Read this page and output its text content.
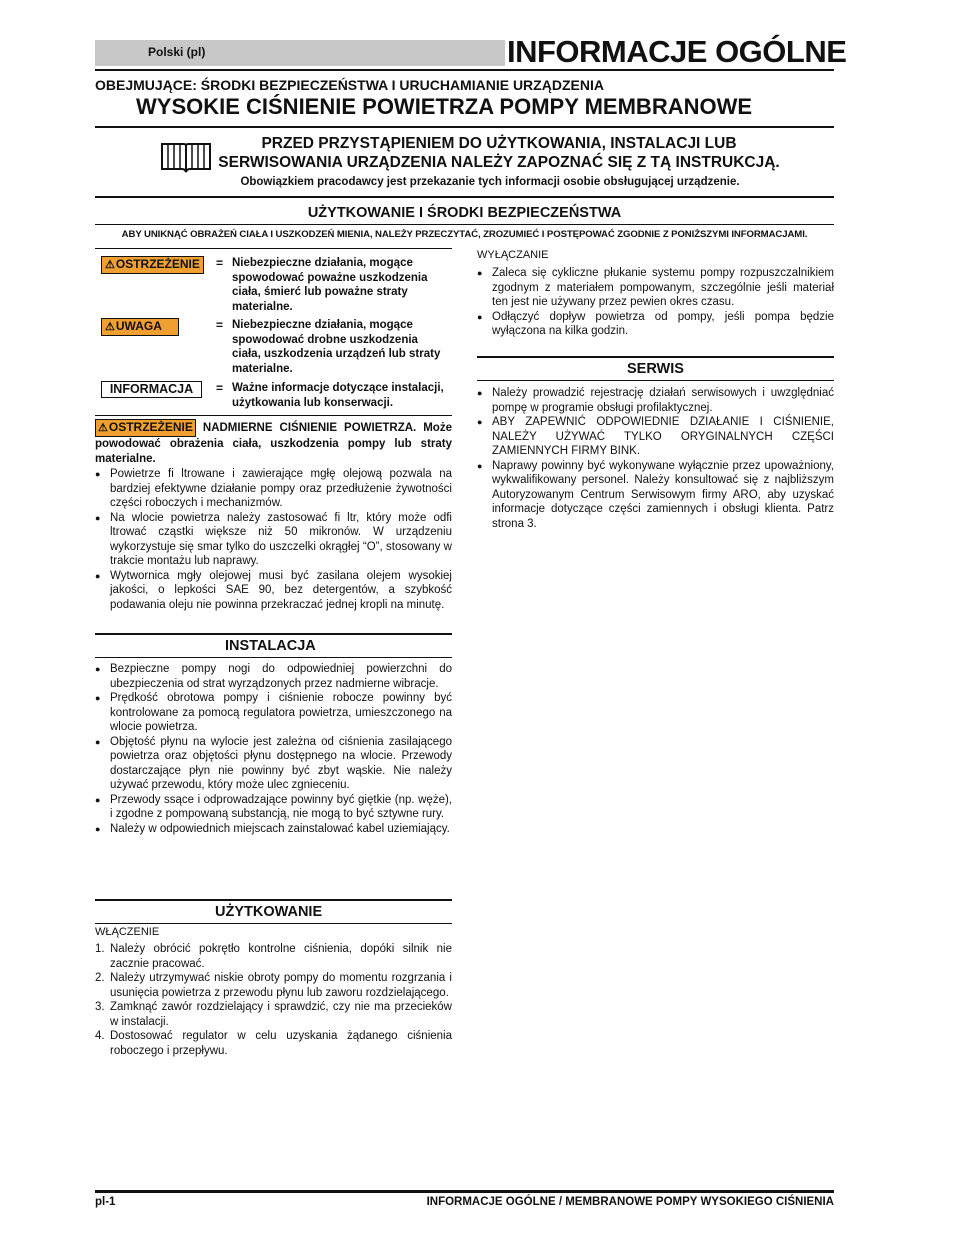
Polski (pl)	INFORMACJE OGÓLNE
OBEJMUJĄCE: ŚRODKI BEZPIECZEŃSTWA I URUCHAMIANIE URZĄDZENIA
WYSOKIE CIŚNIENIE POWIETRZA POMPY MEMBRANOWE
PRZED PRZYSTĄPIENIEM DO UŻYTKOWANIA, INSTALACJI LUB
SERWISOWANIA URZĄDZENIA NALEŻY ZAPOZNAĆ SIĘ Z TĄ INSTRUKCJĄ.
Obowiązkiem pracodawcy jest przekazanie tych informacji osobie obsługującej urządzenie.
UŻYTKOWANIE I ŚRODKI BEZPIECZEŃSTWA
ABY UNIKNĄĆ OBRAŻEŃ CIAŁA I USZKODZEŃ MIENIA, NALEŻY PRZECZYTAĆ, ZROZUMIEĆ I POSTĘPOWAĆ ZGODNIE Z PONIŻSZYMI INFORMACJAMI.
⚠OSTRZEŻENIE	= Niebezpieczne działania, mogące spowodować poważne uszkodzenia ciała, śmierć lub poważne straty materialne.
⚠UWAGA	= Niebezpieczne działania, mogące spowodować drobne uszkodzenia ciała, uszkodzenia urządzeń lub straty materialne.
INFORMACJA	= Ważne informacje dotyczące instalacji, użytkowania lub konserwacji.
⚠OSTRZEŻENIE NADMIERNE CIŚNIENIE POWIETRZA. Może powodować obrażenia ciała, uszkodzenia pompy lub straty materialne.
● Powietrze fi ltrowane i zawierające mgłę olejową pozwala na bardziej efektywne działanie pompy oraz przedłużenie żywotności części roboczych i mechanizmów.
● Na wlocie powietrza należy zastosować fi ltr, który może odfi ltrować cząstki większe niż 50 mikronów. W urządzeniu wykorzystuje się smar tylko do uszczelki okrągłej “O”, stosowany w trakcie montażu lub naprawy.
● Wytwornica mgły olejowej musi być zasilana olejem wysokiej jakości, o lepkości SAE 90, bez detergentów, a szybkość podawania oleju nie powinna przekraczać jednej kropli na minutę.
INSTALACJA
● Bezpieczne pompy nogi do odpowiedniej powierzchni do ubezpieczenia od strat wyrządzonych przez nadmierne wibracje.
● Prędkość obrotowa pompy i ciśnienie robocze powinny być kontrolowane za pomocą regulatora powietrza, umieszczonego na wlocie powietrza.
● Objętość płynu na wylocie jest zależna od ciśnienia zasilającego powietrza oraz objętości płynu dostępnego na wlocie. Przewody dostarczające płyn nie powinny być zbyt wąskie. Nie należy używać przewodu, który może ulec zgnieceniu.
● Przewody ssące i odprowadzające powinny być giętkie (np. węże), i zgodne z pompowaną substancją, nie mogą to być sztywne rury.
● Należy w odpowiednich miejscach zainstalować kabel uziemiający.
UŻYTKOWANIE
WŁĄCZENIE
1. Należy obrócić pokrętło kontrolne ciśnienia, dopóki silnik nie zacznie pracować.
2. Należy utrzymywać niskie obroty pompy do momentu rozgrzania i usunięcia powietrza z przewodu płynu lub zaworu rozdzielającego.
3. Zamknąć zawór rozdzielający i sprawdzić, czy nie ma przecieków w instalacji.
4. Dostosować regulator w celu uzyskania żądanego ciśnienia roboczego i przepływu.
WYŁĄCZANIE
● Zaleca się cykliczne płukanie systemu pompy rozpuszczalnikiem zgodnym z materiałem pompowanym, szczególnie jeśli materiał ten jest nie używany przez pewien okres czasu.
● Odłączyć dopływ powietrza od pompy, jeśli pompa będzie wyłączona na kilka godzin.
SERWIS
● Należy prowadzić rejestrację działań serwisowych i uwzględniać pompę w programie obsługi profilaktycznej.
● ABY ZAPEWNIĆ ODPOWIEDNIE DZIAŁANIE I CIŚNIENIE, NALEŻY UŻYWAĆ TYLKO ORYGINALNYCH CZĘŚCI ZAMIENNYCH FIRMY BINK.
● Naprawy powinny być wykonywane wyłącznie przez upoważniony, wykwalifikowany personel. Należy konsultować się z najbliższym Autoryzowanym Centrum Serwisowym firmy ARO, aby uzyskać informacje dotyczące części zamiennych i obsługi klienta. Patrz strona 3.
pl-1	INFORMACJE OGÓLNE / MEMBRANOWE POMPY WYSOKIEGO CIŚNIENIA
